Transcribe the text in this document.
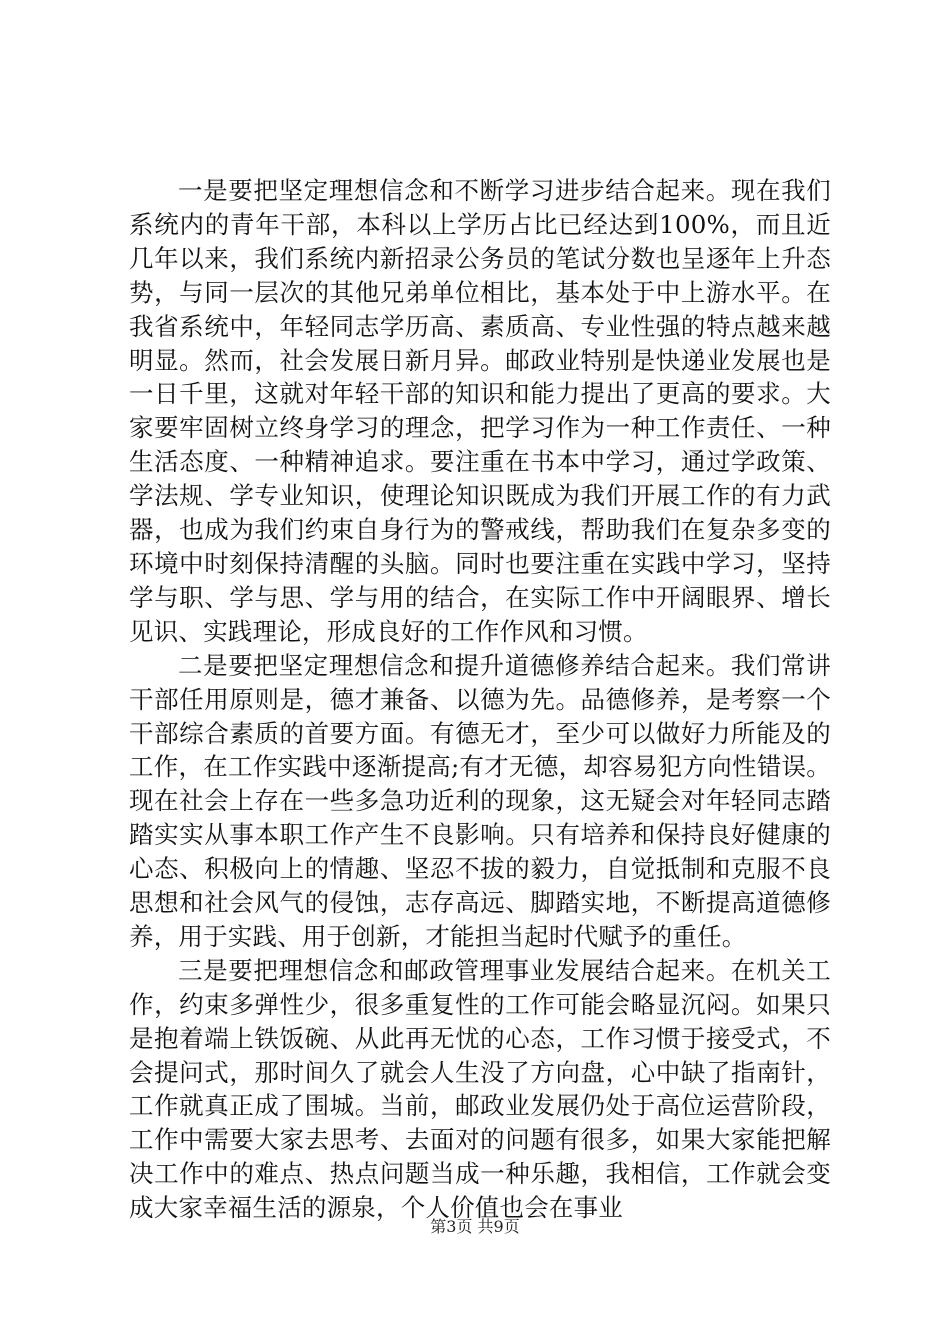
一是要把坚定理想信念和不断学习进步结合起来。现在我们系统内的青年干部，本科以上学历占比已经达到100%，而且近几年以来，我们系统内新招录公务员的笔试分数也呈逐年上升态势，与同一层次的其他兄弟单位相比，基本处于中上游水平。在我省系统中，年轻同志学历高、素质高、专业性强的特点越来越明显。然而，社会发展日新月异。邮政业特别是快递业发展也是一日千里，这就对年轻干部的知识和能力提出了更高的要求。大家要牢固树立终身学习的理念，把学习作为一种工作责任、一种生活态度、一种精神追求。要注重在书本中学习，通过学政策、学法规、学专业知识，使理论知识既成为我们开展工作的有力武器，也成为我们约束自身行为的警戒线，帮助我们在复杂多变的环境中时刻保持清醒的头脑。同时也要注重在实践中学习，坚持学与职、学与思、学与用的结合，在实际工作中开阔眼界、增长见识、实践理论，形成良好的工作作风和习惯。

二是要把坚定理想信念和提升道德修养结合起来。我们常讲干部任用原则是，德才兼备、以德为先。品德修养，是考察一个干部综合素质的首要方面。有德无才，至少可以做好力所能及的工作，在工作实践中逐渐提高;有才无德，却容易犯方向性错误。现在社会上存在一些多急功近利的现象，这无疑会对年轻同志踏踏实实从事本职工作产生不良影响。只有培养和保持良好健康的心态、积极向上的情趣、坚忍不拔的毅力，自觉抵制和克服不良思想和社会风气的侵蚀，志存高远、脚踏实地，不断提高道德修养，用于实践、用于创新，才能担当起时代赋予的重任。

三是要把理想信念和邮政管理事业发展结合起来。在机关工作，约束多弹性少，很多重复性的工作可能会略显沉闷。如果只是抱着端上铁饭碗、从此再无忧的心态，工作习惯于接受式，不会提问式，那时间久了就会人生没了方向盘，心中缺了指南针，工作就真正成了围城。当前，邮政业发展仍处于高位运营阶段，工作中需要大家去思考、去面对的问题有很多，如果大家能把解决工作中的难点、热点问题当成一种乐趣，我相信，工作就会变成大家幸福生活的源泉，个人价值也会在事业

第3页 共9页
